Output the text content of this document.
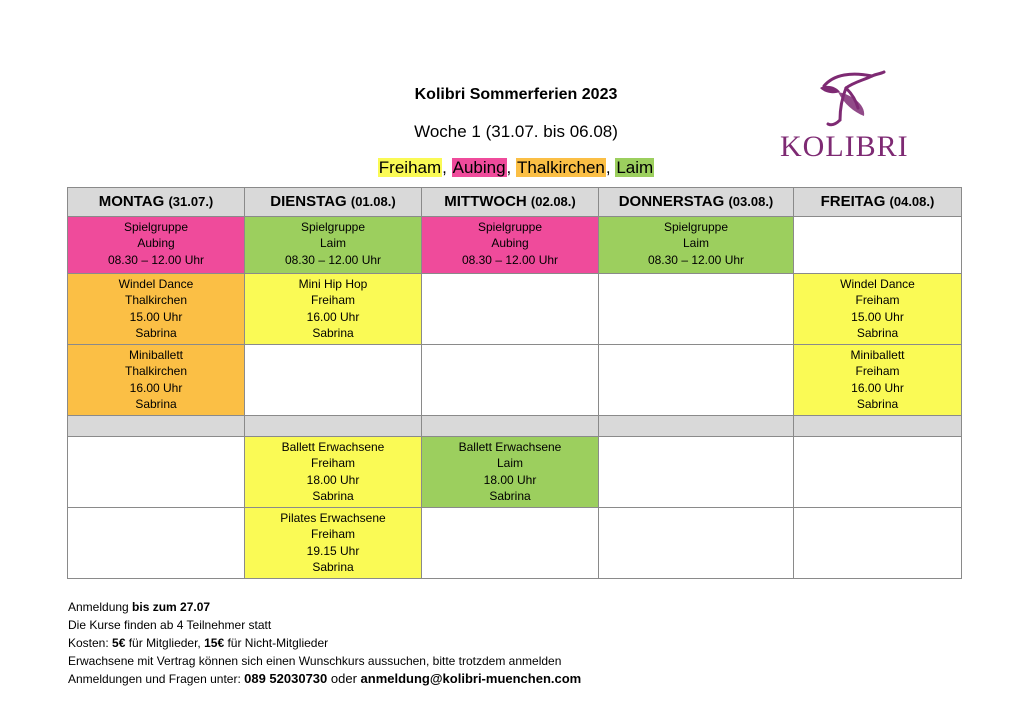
Kolibri Sommerferien 2023
Woche 1 (31.07. bis 06.08)
Freiham, Aubing, Thalkirchen, Laim
KOLIBRI
MONTAG (31.07.)	DIENSTAG (01.08.)	MITTWOCH (02.08.)	DONNERSTAG (03.08.)	FREITAG (04.08.)

Spielgruppe
Aubing
08.30 – 12.00 Uhr	Spielgruppe
Laim
08.30 – 12.00 Uhr	Spielgruppe
Aubing
08.30 – 12.00 Uhr	Spielgruppe
Laim
08.30 – 12.00 Uhr	

Windel Dance
Thalkirchen
15.00 Uhr
Sabrina	Mini Hip Hop
Freiham
16.00 Uhr
Sabrina			Windel Dance
Freiham
15.00 Uhr
Sabrina

Miniballett
Thalkirchen
16.00 Uhr
Sabrina				Miniballett
Freiham
16.00 Uhr
Sabrina

	Ballett Erwachsene
Freiham
18.00 Uhr
Sabrina	Ballett Erwachsene
Laim
18.00 Uhr
Sabrina		

	Pilates Erwachsene
Freiham
19.15 Uhr
Sabrina			

Anmeldung bis zum 27.07
Die Kurse finden ab 4 Teilnehmer statt
Kosten: 5€ für Mitglieder, 15€ für Nicht-Mitglieder
Erwachsene mit Vertrag können sich einen Wunschkurs aussuchen, bitte trotzdem anmelden
Anmeldungen und Fragen unter: 089 52030730 oder anmeldung@kolibri-muenchen.com
